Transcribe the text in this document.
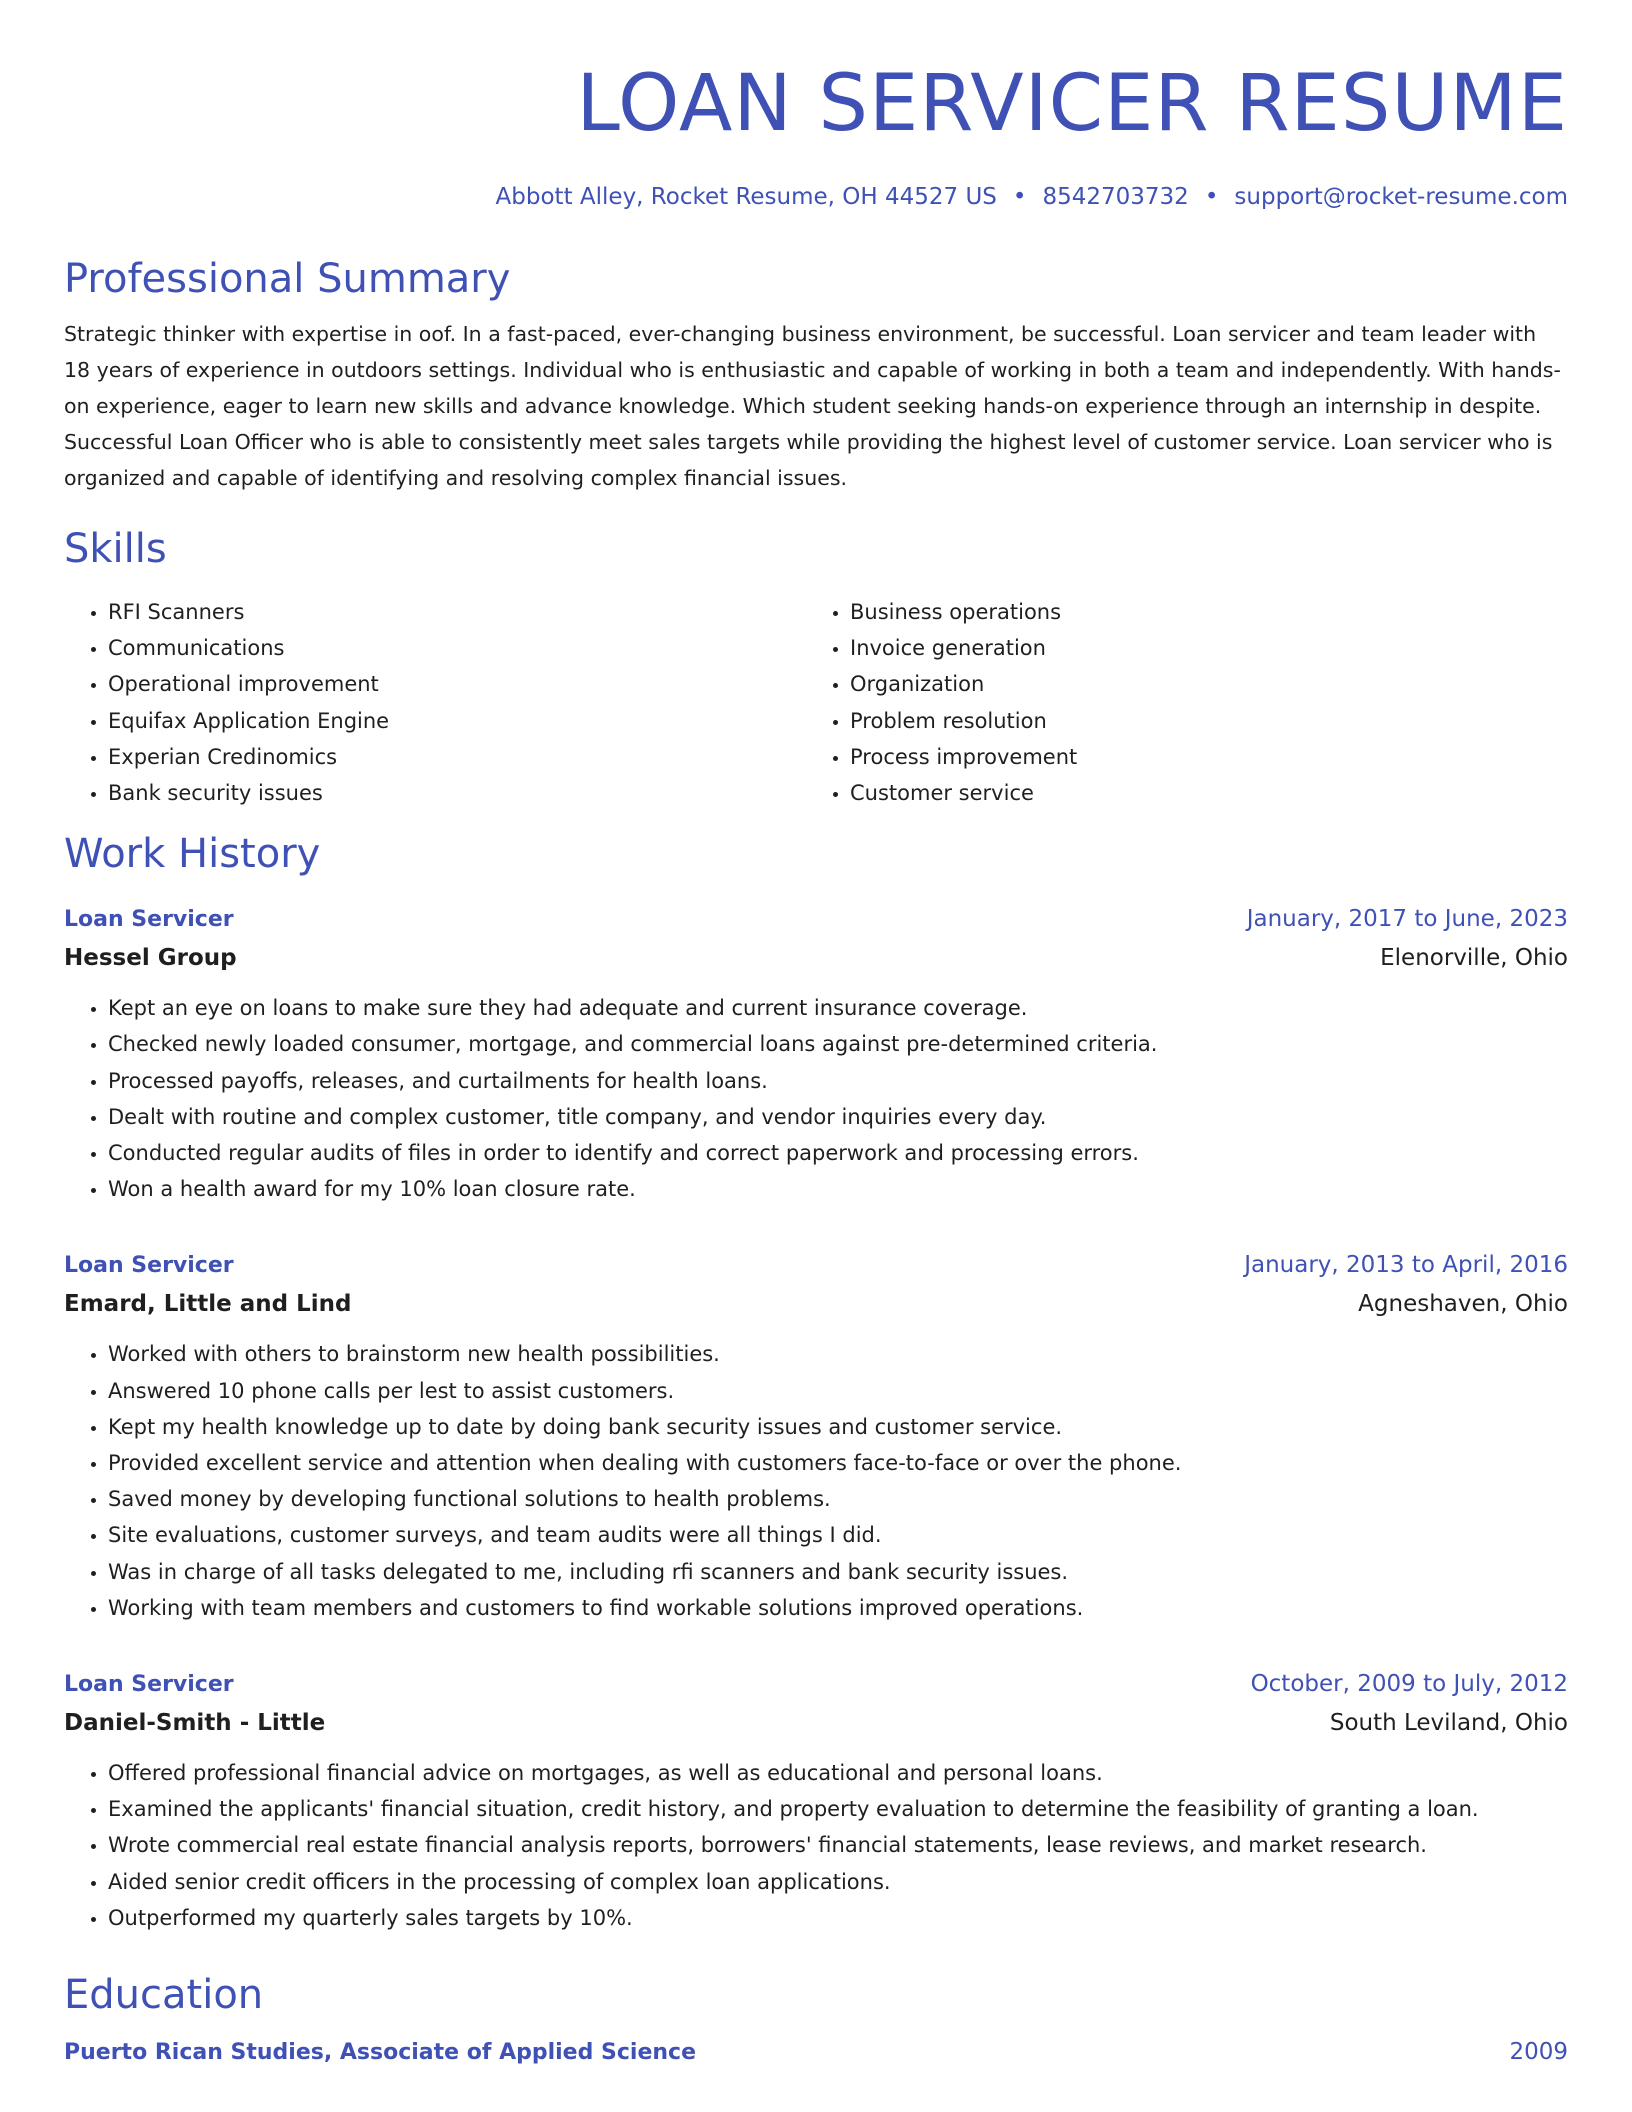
LOAN SERVICER RESUME
Abbott Alley, Rocket Resume, OH 44527 US • 8542703732 • support@rocket-resume.com
Professional Summary
Strategic thinker with expertise in oof. In a fast-paced, ever-changing business environment, be successful. Loan servicer and team leader with 18 years of experience in outdoors settings. Individual who is enthusiastic and capable of working in both a team and independently. With hands-on experience, eager to learn new skills and advance knowledge. Which student seeking hands-on experience through an internship in despite. Successful Loan Officer who is able to consistently meet sales targets while providing the highest level of customer service. Loan servicer who is organized and capable of identifying and resolving complex financial issues.
Skills
• RFI Scanners
• Communications
• Operational improvement
• Equifax Application Engine
• Experian Credinomics
• Bank security issues
• Business operations
• Invoice generation
• Organization
• Problem resolution
• Process improvement
• Customer service
Work History
Loan Servicer	January, 2017 to June, 2023
Hessel Group	Elenorville, Ohio
• Kept an eye on loans to make sure they had adequate and current insurance coverage.
• Checked newly loaded consumer, mortgage, and commercial loans against pre-determined criteria.
• Processed payoffs, releases, and curtailments for health loans.
• Dealt with routine and complex customer, title company, and vendor inquiries every day.
• Conducted regular audits of files in order to identify and correct paperwork and processing errors.
• Won a health award for my 10% loan closure rate.
Loan Servicer	January, 2013 to April, 2016
Emard, Little and Lind	Agneshaven, Ohio
• Worked with others to brainstorm new health possibilities.
• Answered 10 phone calls per lest to assist customers.
• Kept my health knowledge up to date by doing bank security issues and customer service.
• Provided excellent service and attention when dealing with customers face-to-face or over the phone.
• Saved money by developing functional solutions to health problems.
• Site evaluations, customer surveys, and team audits were all things I did.
• Was in charge of all tasks delegated to me, including rfi scanners and bank security issues.
• Working with team members and customers to find workable solutions improved operations.
Loan Servicer	October, 2009 to July, 2012
Daniel-Smith - Little	South Leviland, Ohio
• Offered professional financial advice on mortgages, as well as educational and personal loans.
• Examined the applicants' financial situation, credit history, and property evaluation to determine the feasibility of granting a loan.
• Wrote commercial real estate financial analysis reports, borrowers' financial statements, lease reviews, and market research.
• Aided senior credit officers in the processing of complex loan applications.
• Outperformed my quarterly sales targets by 10%.
Education
Puerto Rican Studies, Associate of Applied Science	2009
